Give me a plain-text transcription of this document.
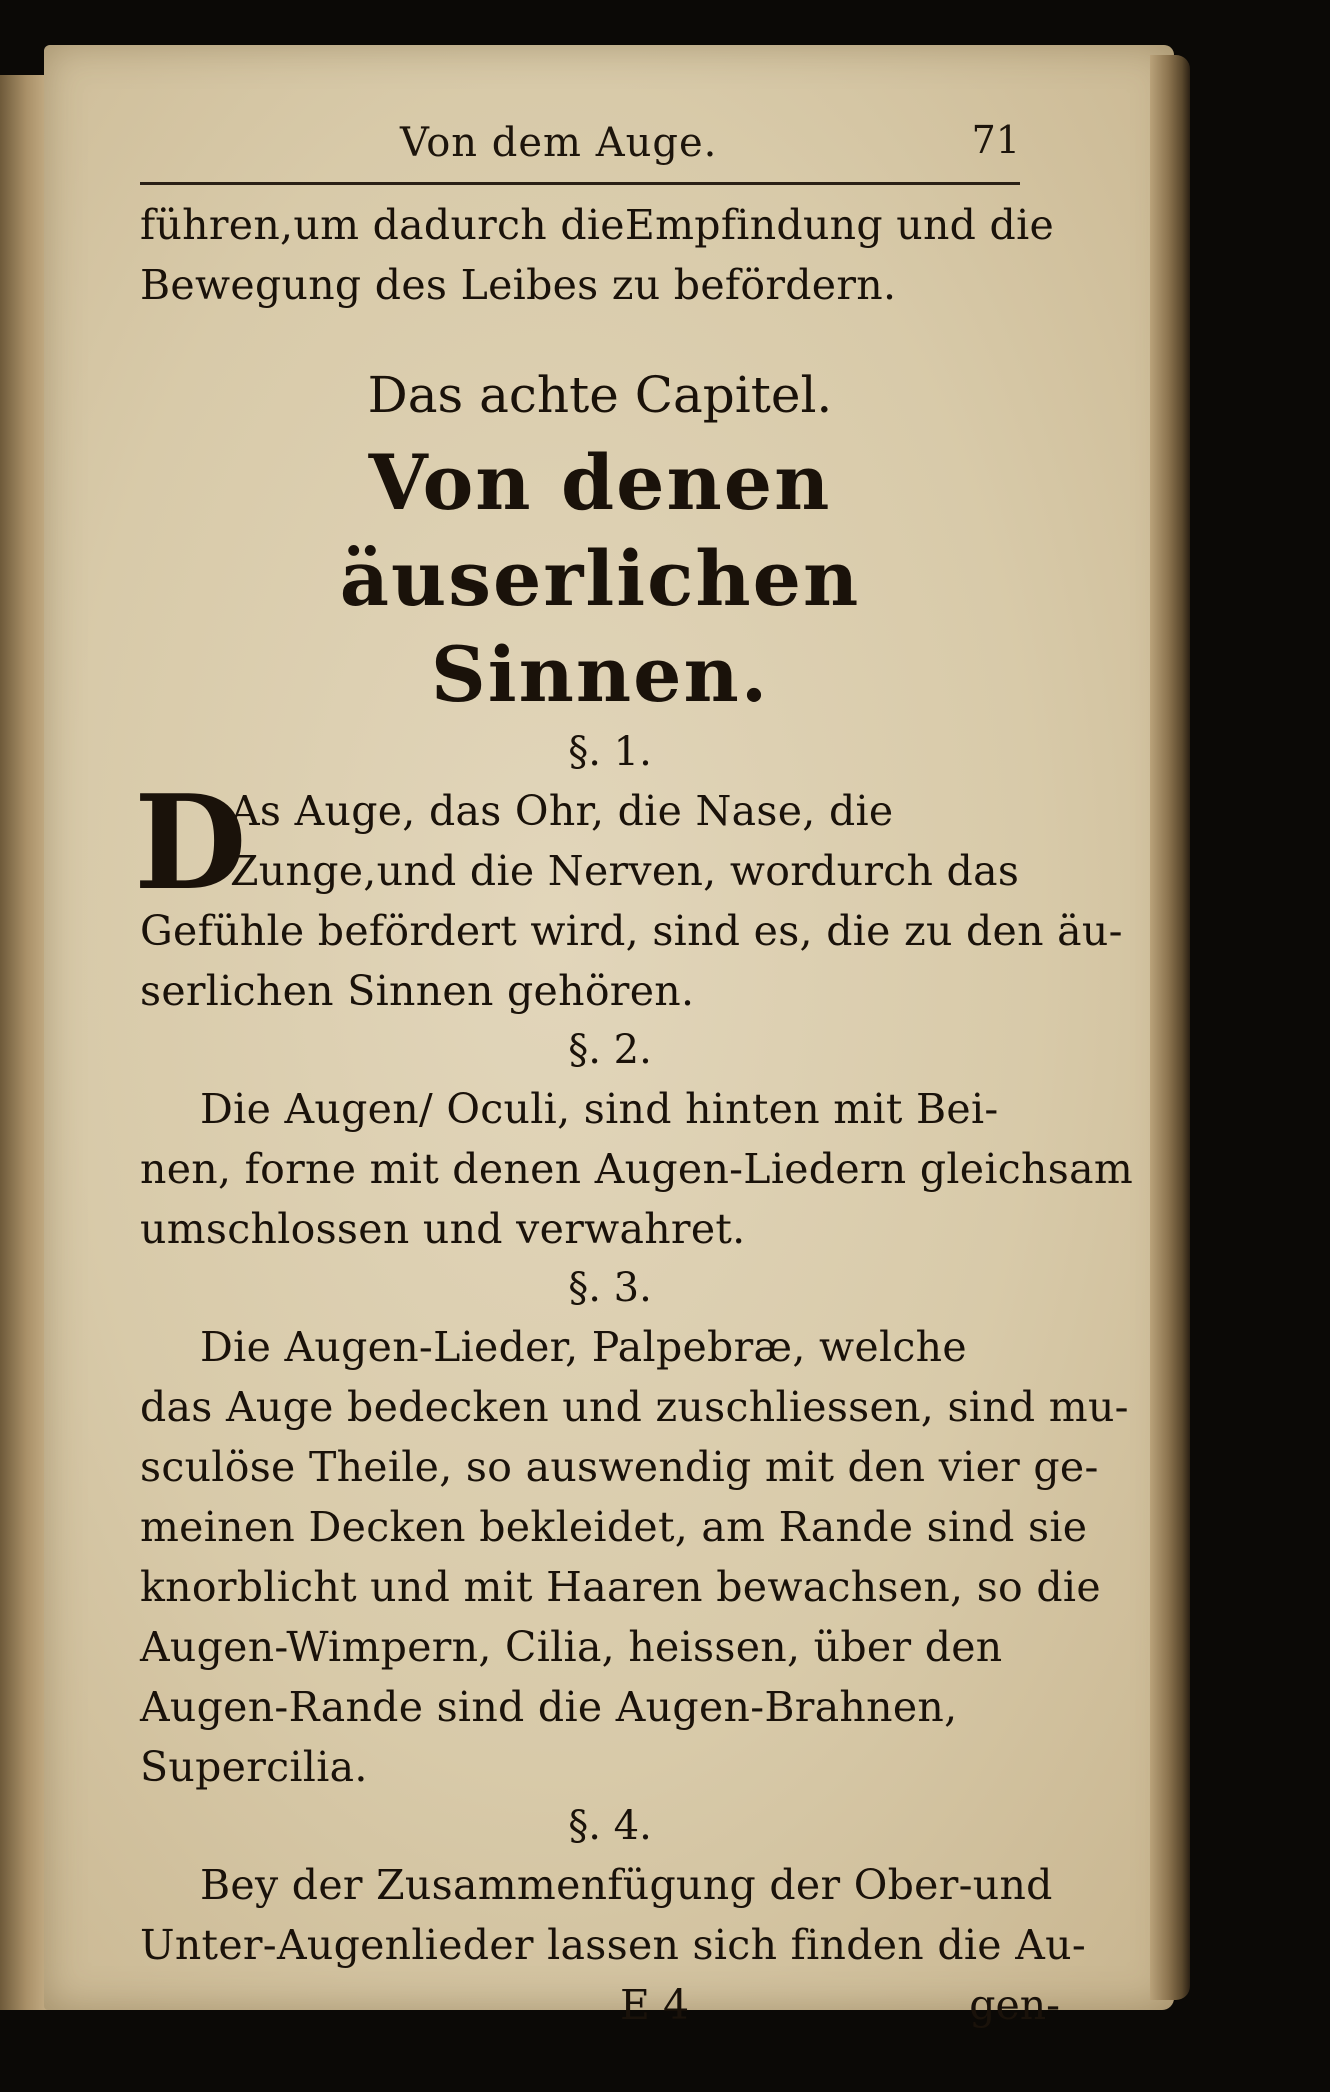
Von dem Auge.	71
führen,um dadurch dieEmpfindung und die
Bewegung des Leibes zu befördern.
Das achte Capitel.
Von denen äuserlichen
Sinnen.
§. 1.
D
As Auge, das Ohr, die Nase, die
Zunge,und die Nerven, wordurch das
Gefühle befördert wird, sind es, die zu den äu-
serlichen Sinnen gehören.
§. 2.
Die Augen/ Oculi, sind hinten mit Bei-
nen, forne mit denen Augen-Liedern gleichsam
umschlossen und verwahret.
§. 3.
Die Augen-Lieder, Palpebræ, welche
das Auge bedecken und zuschliessen, sind mu-
sculöse Theile, so auswendig mit den vier ge-
meinen Decken bekleidet, am Rande sind sie
knorblicht und mit Haaren bewachsen, so die
Augen-Wimpern, Cilia, heissen, über den
Augen-Rande sind die Augen-Brahnen,
Supercilia.
§. 4.
Bey der Zusammenfügung der Ober-und
Unter-Augenlieder lassen sich finden die Au-
E 4	gen-
